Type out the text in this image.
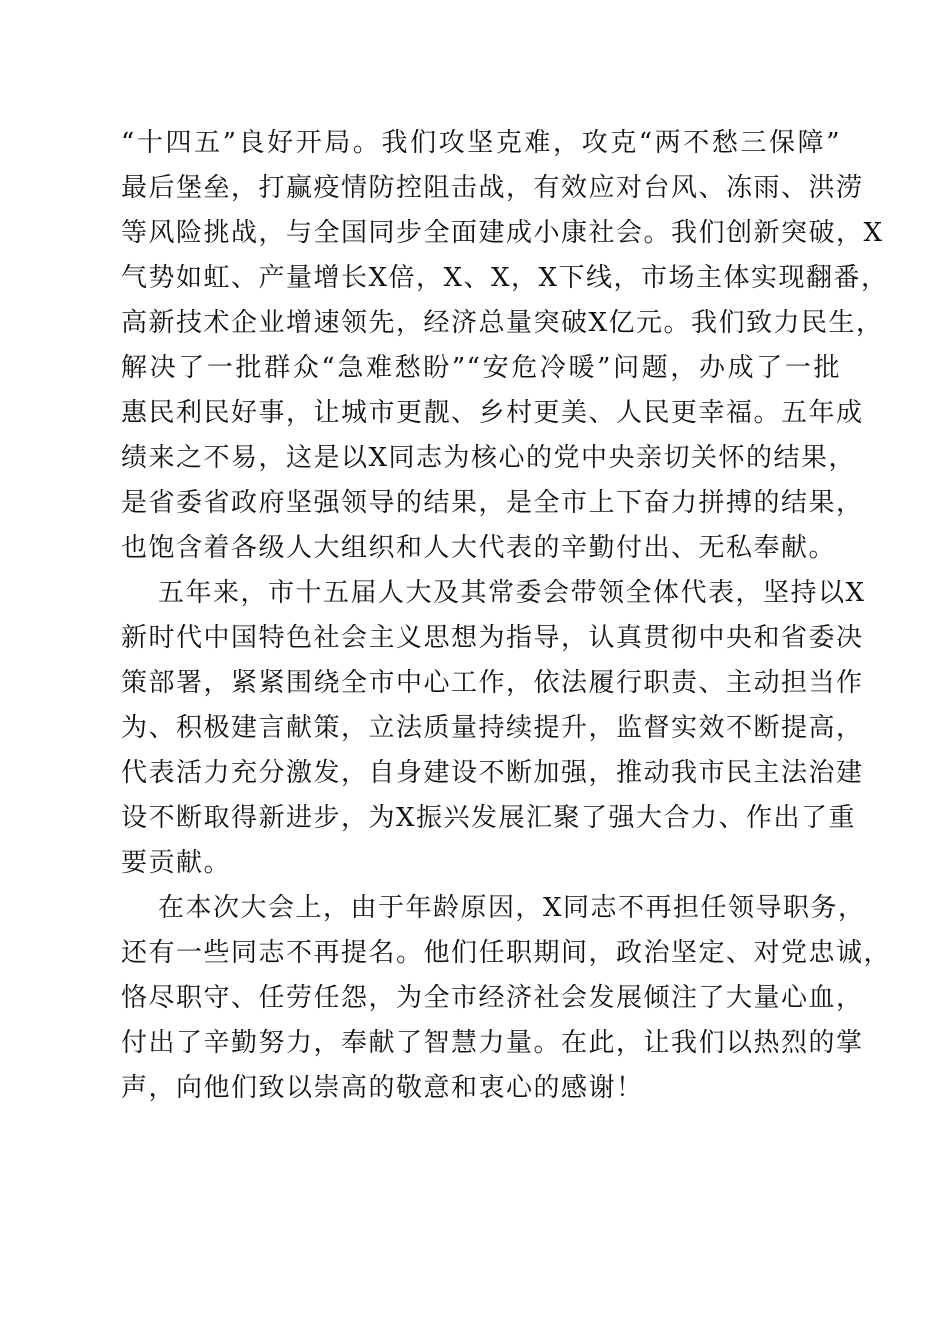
“十四五”良好开局。我们攻坚克难，攻克“两不愁三保障”
最后堡垒，打赢疫情防控阻击战，有效应对台风、冻雨、洪涝
等风险挑战，与全国同步全面建成小康社会。我们创新突破，X
气势如虹、产量增长X倍，X、X，X下线，市场主体实现翻番，
高新技术企业增速领先，经济总量突破X亿元。我们致力民生，
解决了一批群众“急难愁盼”“安危冷暖”问题，办成了一批
惠民利民好事，让城市更靓、乡村更美、人民更幸福。五年成
绩来之不易，这是以X同志为核心的党中央亲切关怀的结果，
是省委省政府坚强领导的结果，是全市上下奋力拼搏的结果，
也饱含着各级人大组织和人大代表的辛勤付出、无私奉献。
五年来，市十五届人大及其常委会带领全体代表，坚持以X
新时代中国特色社会主义思想为指导，认真贯彻中央和省委决
策部署，紧紧围绕全市中心工作，依法履行职责、主动担当作
为、积极建言献策，立法质量持续提升，监督实效不断提高，
代表活力充分激发，自身建设不断加强，推动我市民主法治建
设不断取得新进步，为X振兴发展汇聚了强大合力、作出了重
要贡献。
在本次大会上，由于年龄原因，X同志不再担任领导职务，
还有一些同志不再提名。他们任职期间，政治坚定、对党忠诚，
恪尽职守、任劳任怨，为全市经济社会发展倾注了大量心血，
付出了辛勤努力，奉献了智慧力量。在此，让我们以热烈的掌
声，向他们致以崇高的敬意和衷心的感谢！
